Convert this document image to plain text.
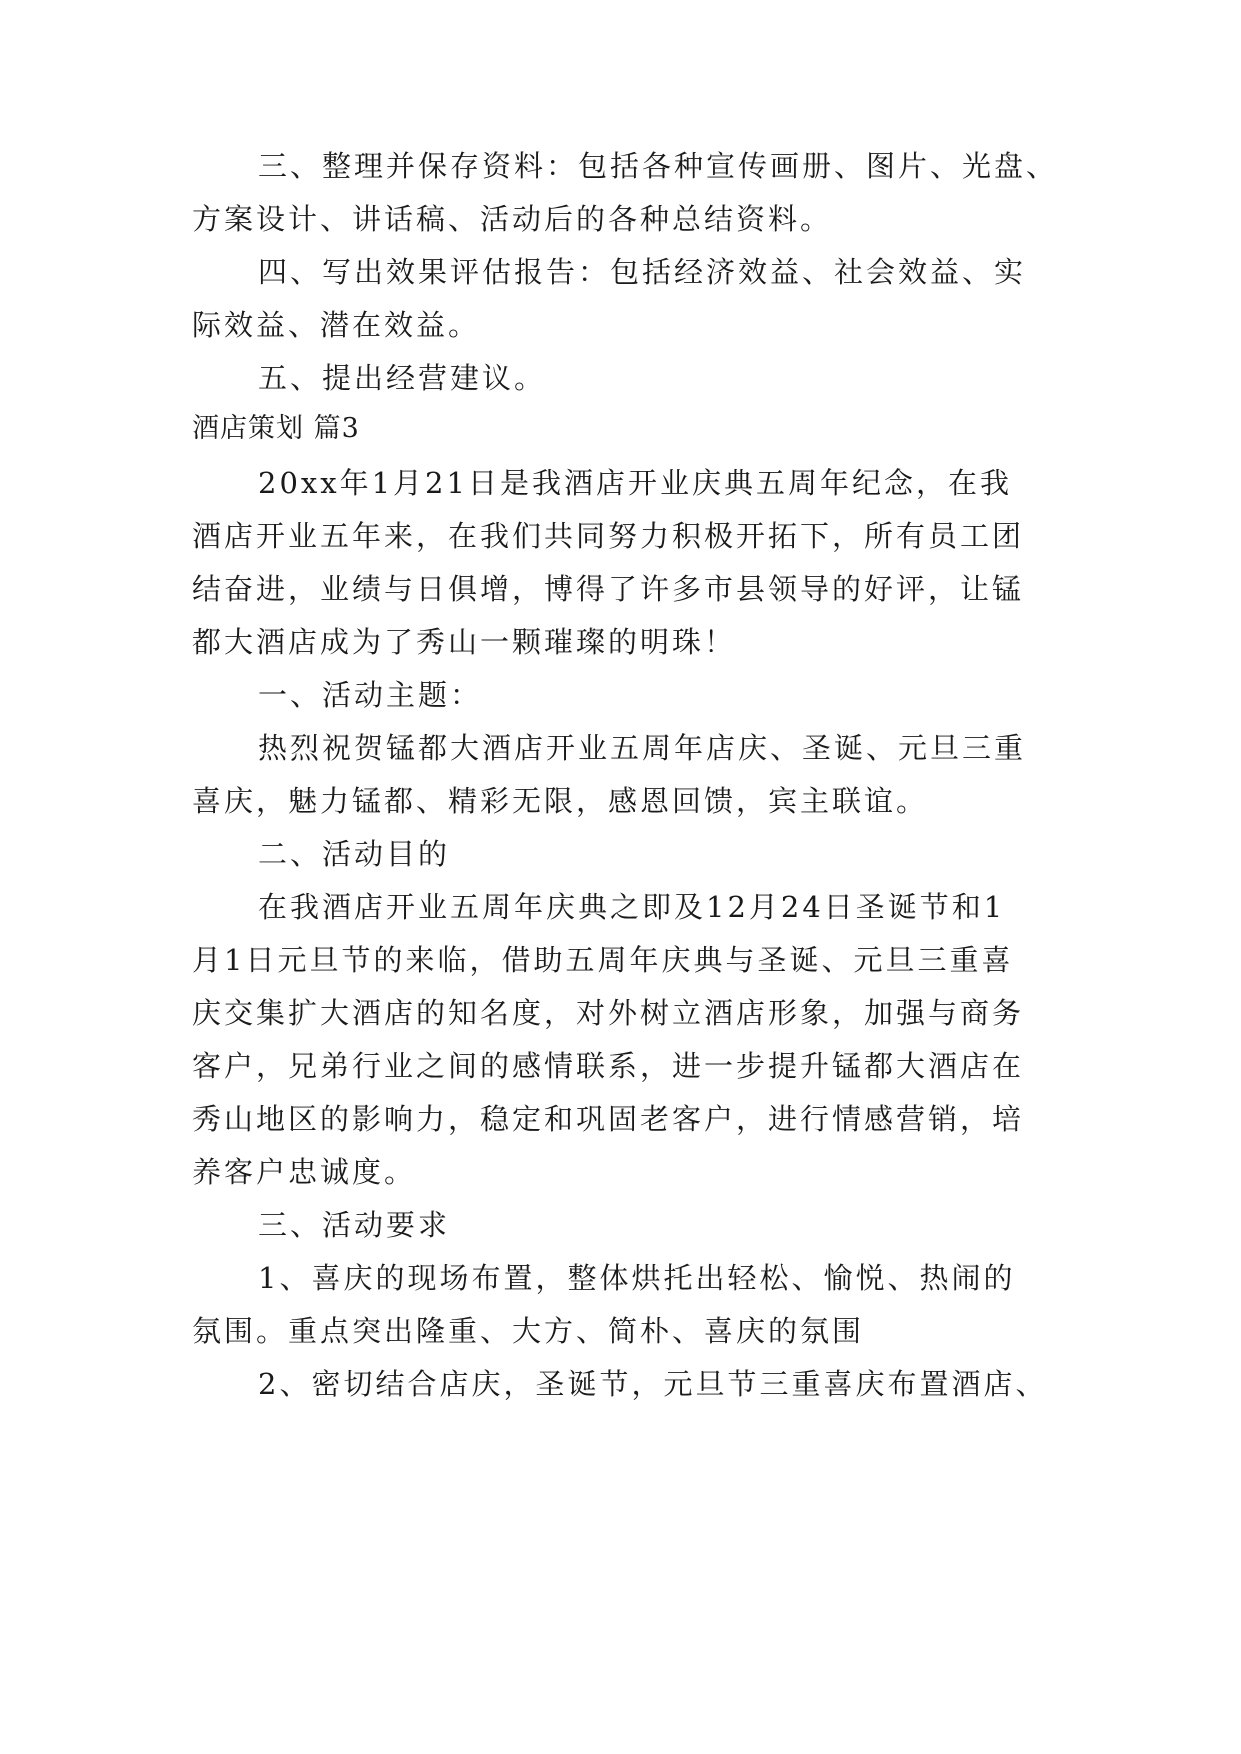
三、整理并保存资料：包括各种宣传画册、图片、光盘、
方案设计、讲话稿、活动后的各种总结资料。
四、写出效果评估报告：包括经济效益、社会效益、实
际效益、潜在效益。
五、提出经营建议。
酒店策划 篇3
20xx年1月21日是我酒店开业庆典五周年纪念，在我
酒店开业五年来，在我们共同努力积极开拓下，所有员工团
结奋进，业绩与日俱增，博得了许多市县领导的好评，让锰
都大酒店成为了秀山一颗璀璨的明珠！
一、活动主题：
热烈祝贺锰都大酒店开业五周年店庆、圣诞、元旦三重
喜庆，魅力锰都、精彩无限，感恩回馈，宾主联谊。
二、活动目的
在我酒店开业五周年庆典之即及12月24日圣诞节和1
月1日元旦节的来临，借助五周年庆典与圣诞、元旦三重喜
庆交集扩大酒店的知名度，对外树立酒店形象，加强与商务
客户，兄弟行业之间的感情联系，进一步提升锰都大酒店在
秀山地区的影响力，稳定和巩固老客户，进行情感营销，培
养客户忠诚度。
三、活动要求
1、喜庆的现场布置，整体烘托出轻松、愉悦、热闹的
氛围。重点突出隆重、大方、简朴、喜庆的氛围
2、密切结合店庆，圣诞节，元旦节三重喜庆布置酒店、
